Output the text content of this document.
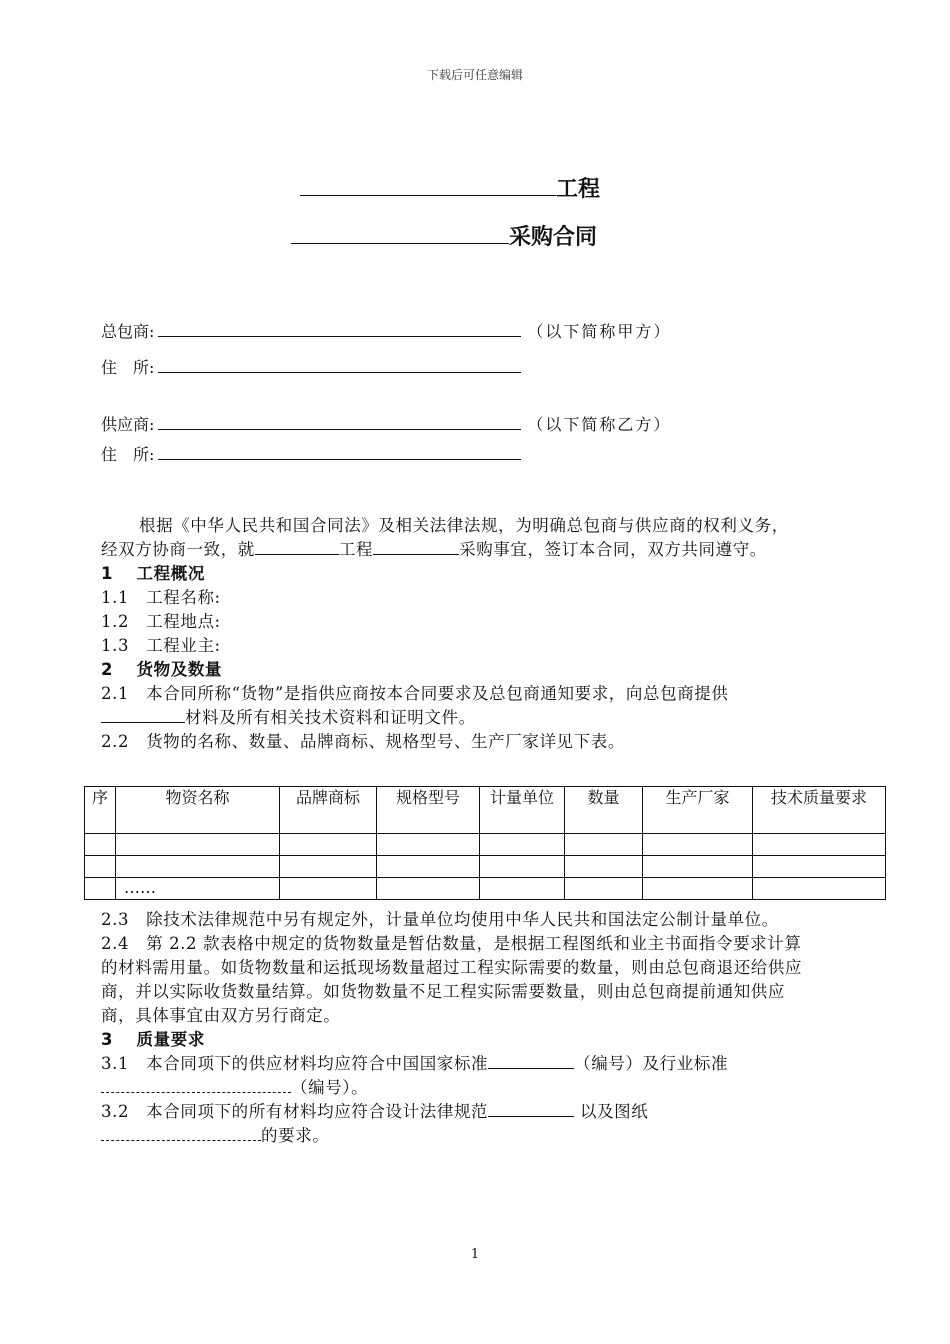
下载后可任意编辑
工程
采购合同
总包商:	（以下简称甲方）
住　所:
供应商:	（以下简称乙方）
住　所:

根据《中华人民共和国合同法》及相关法律法规，为明确总包商与供应商的权利义务，经双方协商一致，就	工程	采购事宜，签订本合同，双方共同遵守。

1　 工程概况

1.1　工程名称:

1.2　工程地点:

1.3　工程业主:

2　 货物及数量

2.1　本合同所称“货物”是指供应商按本合同要求及总包商通知要求，向总包商提供材料及所有相关技术资料和证明文件。

2.2　货物的名称、数量、品牌商标、规格型号、生产厂家详见下表。

序	物资名称	品牌商标	规格型号	计量单位	数量	生产厂家	技术质量要求

	……						

2.3　除技术法律规范中另有规定外，计量单位均使用中华人民共和国法定公制计量单位。

2.4　第 2.2 款表格中规定的货物数量是暂估数量，是根据工程图纸和业主书面指令要求计算的材料需用量。如货物数量和运抵现场数量超过工程实际需要的数量，则由总包商退还给供应商，并以实际收货数量结算。如货物数量不足工程实际需要数量，则由总包商提前通知供应商，具体事宜由双方另行商定。

3　 质量要求

3.1　本合同项下的供应材料均应符合中国国家标准	（编号）及行业标准（编号）。

3.2　本合同项下的所有材料均应符合设计法律规范	以及图纸的要求。

1
